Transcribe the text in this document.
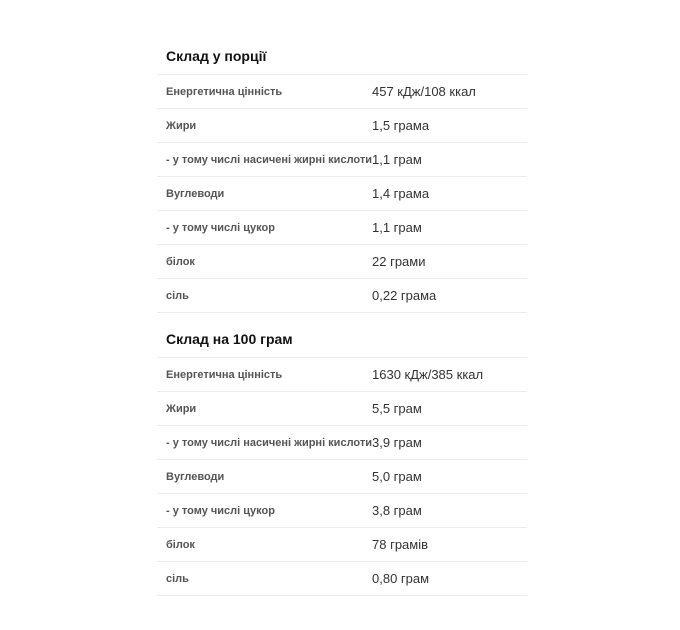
Склад у порції
Енергетична цінність	457 кДж/108 ккал
Жири	1,5 грама
- у тому числі насичені жирні кислоти 1,1 грам
Вуглеводи	1,4 грама
- у тому числі цукор	1,1 грам
білок	22 грами
сіль	0,22 грама
Склад на 100 грам
Енергетична цінність	1630 кДж/385 ккал
Жири	5,5 грам
- у тому числі насичені жирні кислоти 3,9 грам
Вуглеводи	5,0 грам
- у тому числі цукор	3,8 грам
білок	78 грамів
сіль	0,80 грам
